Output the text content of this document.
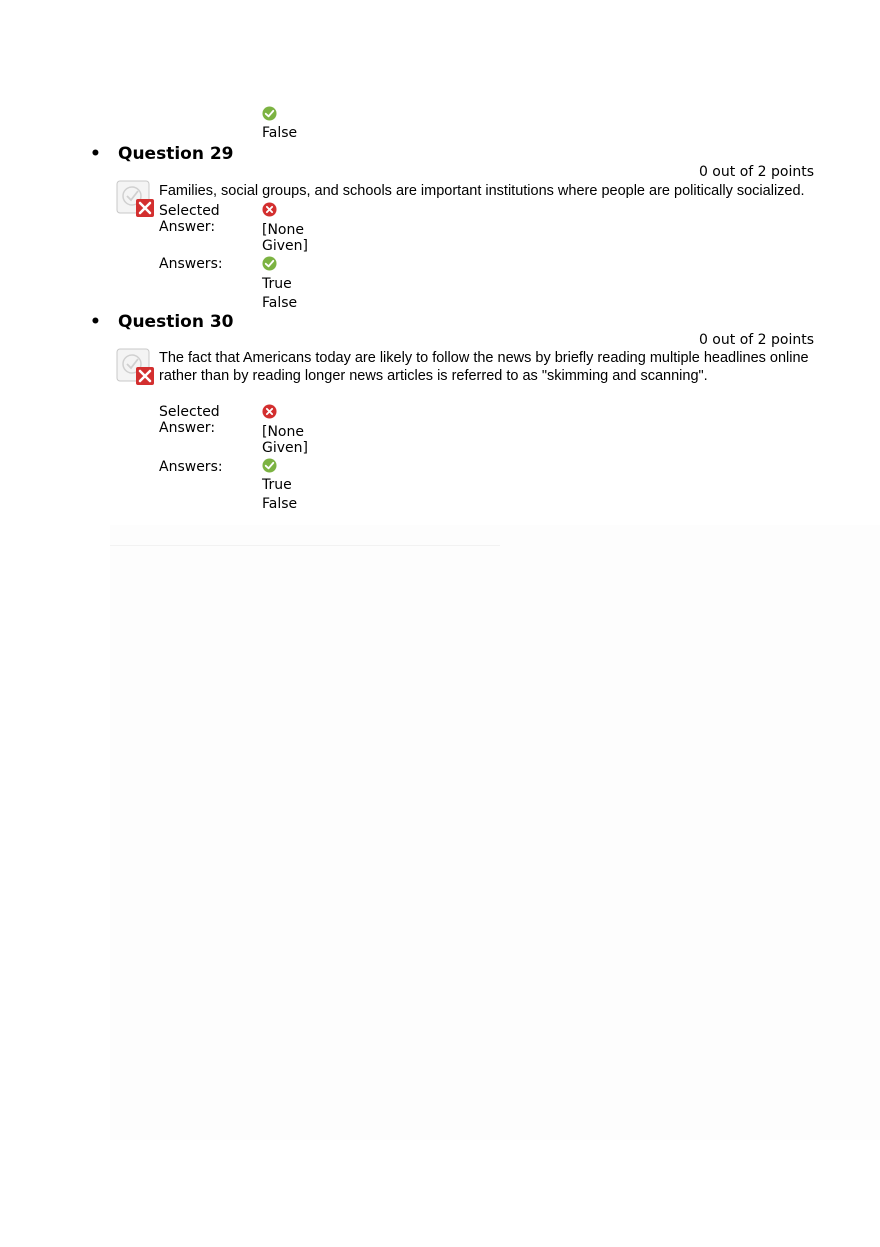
False
• Question 29
0 out of 2 points
Families, social groups, and schools are important institutions where people are politically socialized.
Selected Answer:	[None Given]
Answers:
True
False
• Question 30
0 out of 2 points
The fact that Americans today are likely to follow the news by briefly reading multiple headlines online rather than by reading longer news articles is referred to as "skimming and scanning".
Selected Answer:	[None Given]
Answers:
True
False
